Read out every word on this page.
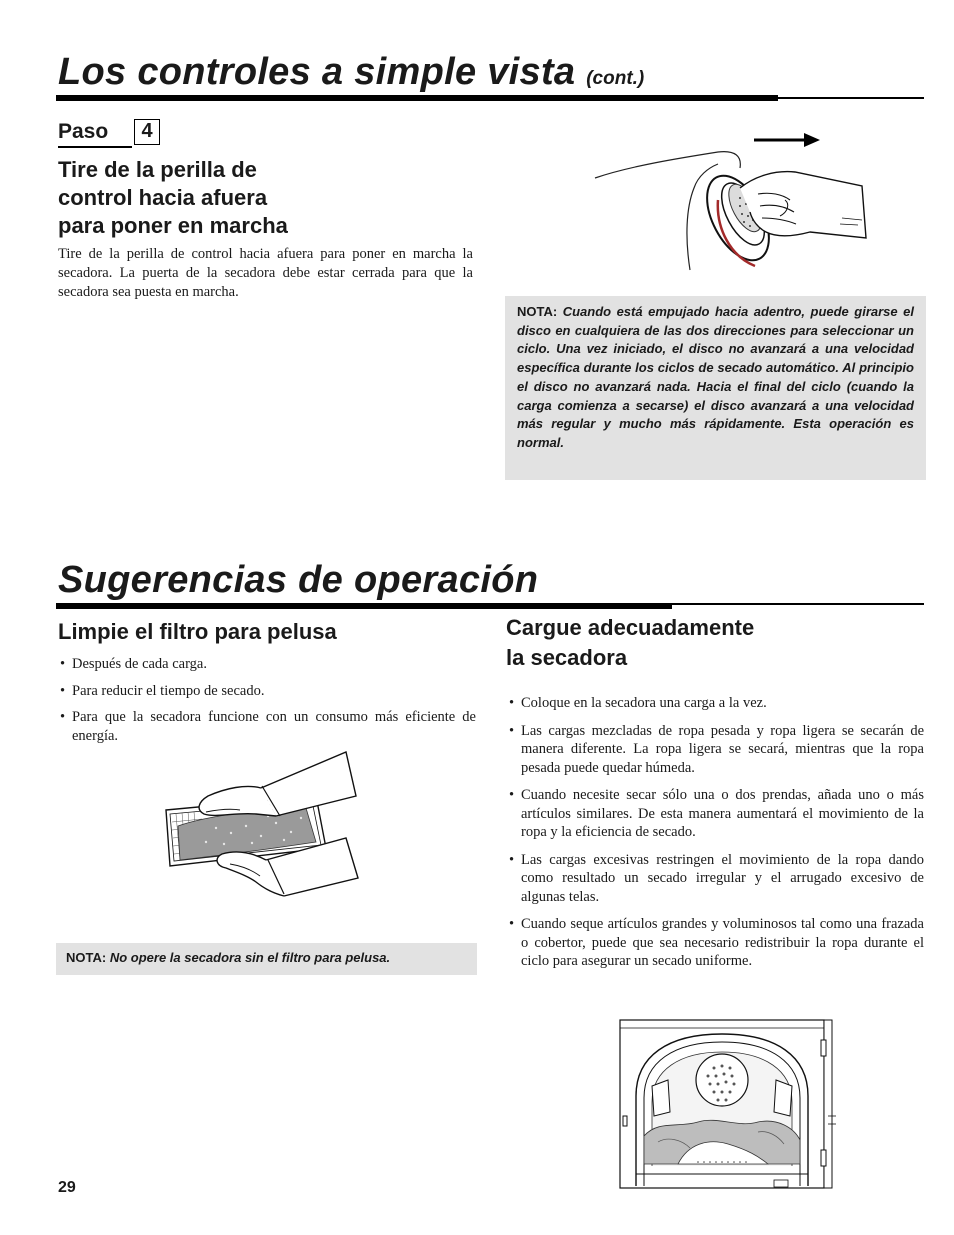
Los controles a simple vista (cont.)
Paso	4
Tire de la perilla de
control hacia afuera
para poner en marcha

Tire de la perilla de control hacia afuera para poner en marcha la secadora. La puerta de la secadora debe estar cerrada para que la secadora sea puesta en marcha.

NOTA: Cuando está empujado hacia adentro, puede girarse el disco en cualquiera de las dos direcciones para seleccionar un ciclo. Una vez iniciado, el disco no avanzará a una velocidad específica durante los ciclos de secado automático. Al principio el disco no avanzará nada. Hacia el final del ciclo (cuando la carga comienza a secarse) el disco avanzará a una velocidad más regular y mucho más rápidamente. Esta operación es normal.
Sugerencias de operación
Limpie el filtro para pelusa
• Después de cada carga.
• Para reducir el tiempo de secado.
• Para que la secadora funcione con un consumo más eficiente de energía.
NOTA: No opere la secadora sin el filtro para pelusa.
Cargue adecuadamente
la secadora
• Coloque en la secadora una carga a la vez.
• Las cargas mezcladas de ropa pesada y ropa ligera se secarán de manera diferente. La ropa ligera se secará, mientras que la ropa pesada puede quedar húmeda.
• Cuando necesite secar sólo una o dos prendas, añada uno o más artículos similares. De esta manera aumentará el movimiento de la ropa y la eficiencia de secado.
• Las cargas excesivas restringen el movimiento de la ropa dando como resultado un secado irregular y el arrugado excesivo de algunas telas.
• Cuando seque artículos grandes y voluminosos tal como una frazada o cobertor, puede que sea necesario redistribuir la ropa durante el ciclo para asegurar un secado uniforme.
29
